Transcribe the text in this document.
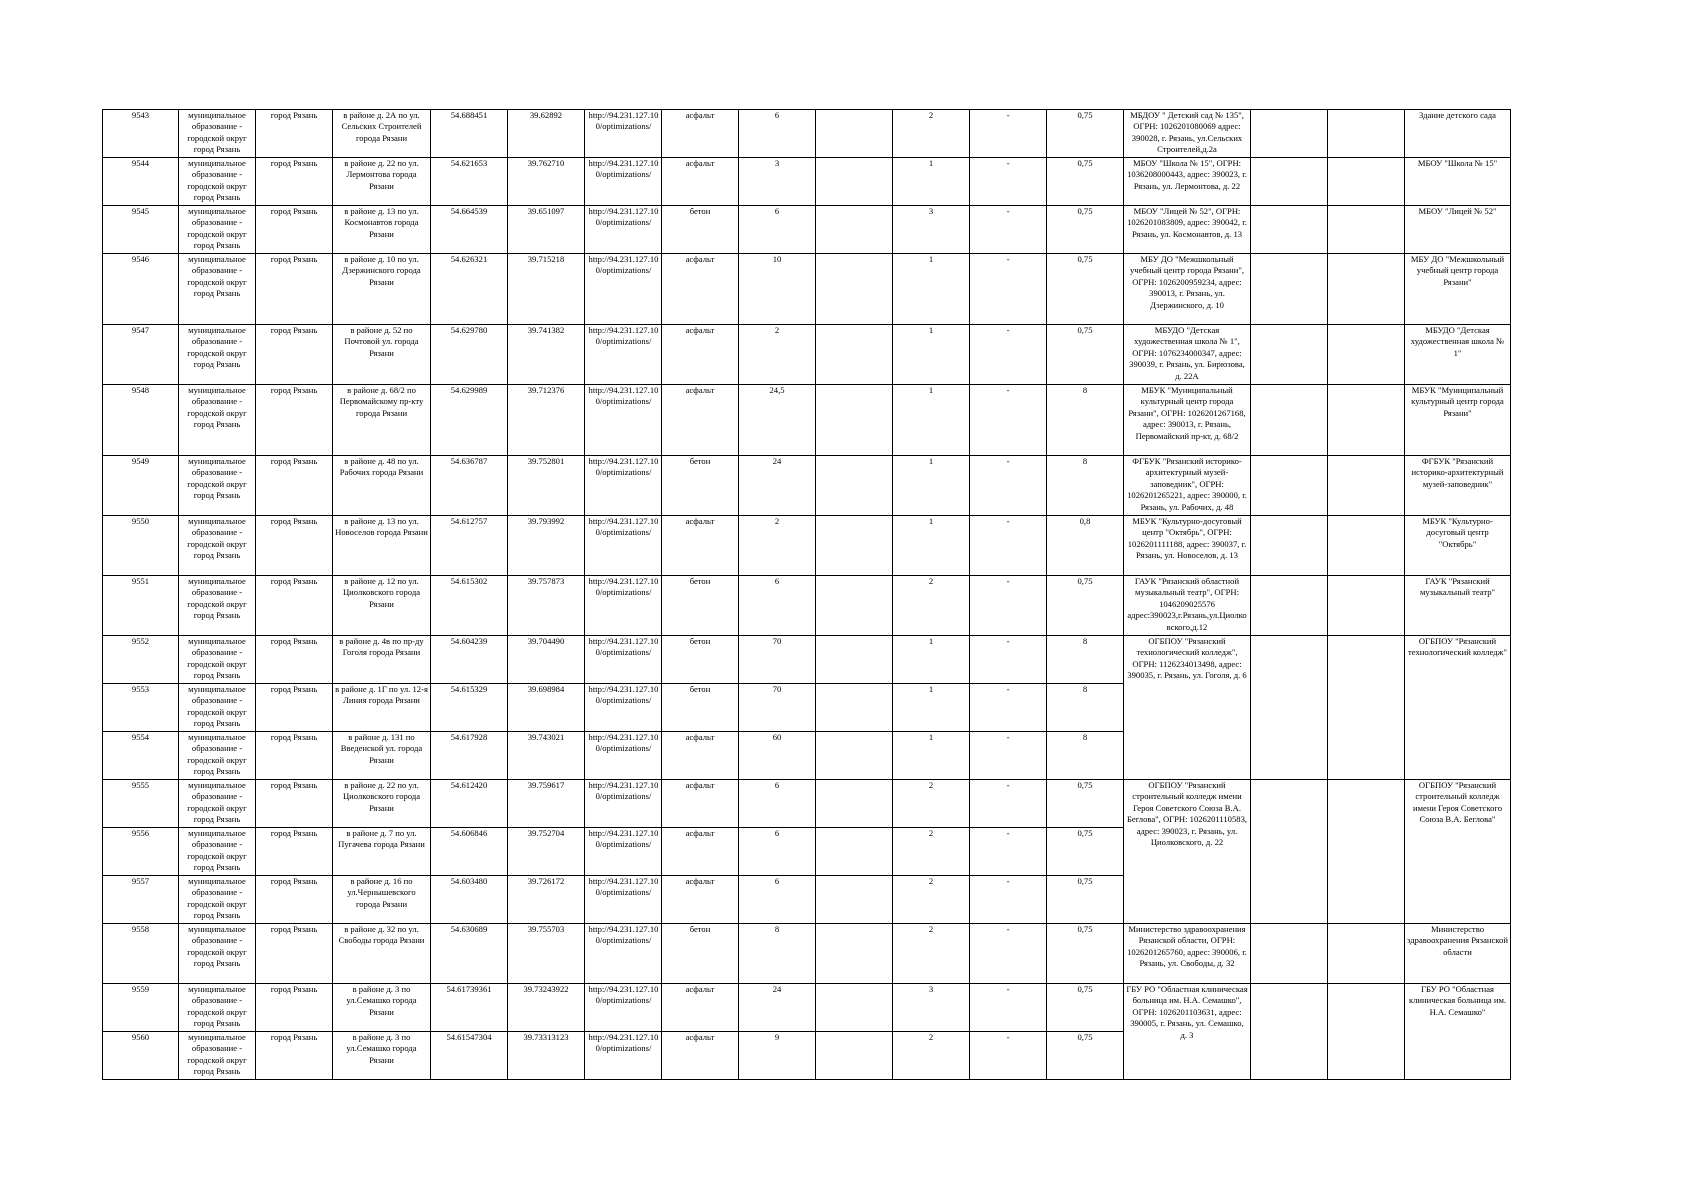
9543	муниципальное образование - городской округ город Рязань	город Рязань	в районе д. 2А по ул. Сельских Строителей города Рязани	54.688451	39.62892	http://94.231.127.10 0/optimizations/	асфальт	6		2	-	0,75	МБДОУ " Детский сад № 135", ОГРН: 1026201080069 адрес: 390028, г. Рязань, ул.Сельских Строителей,д.2а			Здание детского сада
9544	муниципальное образование - городской округ город Рязань	город Рязань	в районе д. 22 по ул. Лермонтова города Рязани	54.621653	39.762710	http://94.231.127.10 0/optimizations/	асфальт	3		1	-	0,75	МБОУ "Школа № 15", ОГРН: 1036208000443, адрес: 390023, г. Рязань, ул. Лермонтова, д. 22			МБОУ "Школа № 15"
9545	муниципальное образование - городской округ город Рязань	город Рязань	в районе д. 13 по ул. Космонавтов города Рязани	54.664539	39.651097	http://94.231.127.10 0/optimizations/	бетон	6		3	-	0,75	МБОУ "Лицей № 52", ОГРН: 1026201083809, адрес: 390042, г. Рязань, ул. Космонавтов, д. 13			МБОУ "Лицей № 52"
9546	муниципальное образование - городской округ город Рязань	город Рязань	в районе д. 10 по ул. Дзержинского города Рязани	54.626321	39.715218	http://94.231.127.10 0/optimizations/	асфальт	10		1	-	0,75	МБУ ДО "Межшкольный учебный центр города Рязани", ОГРН: 1026200959234, адрес: 390013, г. Рязань, ул. Дзержинского, д. 10			МБУ ДО "Межшкольный учебный центр города Рязани"
9547	муниципальное образование - городской округ город Рязань	город Рязань	в районе д. 52 по Почтовой ул. города Рязани	54.629780	39.741382	http://94.231.127.10 0/optimizations/	асфальт	2		1	-	0,75	МБУДО "Детская художественная школа № 1", ОГРН: 1076234000347, адрес: 390039, г. Рязань, ул. Бирюзова, д. 22А			МБУДО "Детская художественная школа № 1"
9548	муниципальное образование - городской округ город Рязань	город Рязань	в районе д. 68/2 по Первомайскому пр-кту города Рязани	54.629989	39.712376	http://94.231.127.10 0/optimizations/	асфальт	24,5		1	-	8	МБУК "Муниципальный культурный центр города Рязани", ОГРН: 1026201267168, адрес: 390013, г. Рязань, Первомайский пр-кт, д. 68/2			МБУК "Муниципальный культурный центр города Рязани"
9549	муниципальное образование - городской округ город Рязань	город Рязань	в районе д. 48 по ул. Рабочих города Рязани	54.636787	39.752801	http://94.231.127.10 0/optimizations/	бетон	24		1	-	8	ФГБУК "Рязанский историко-архитектурный музей-заповедник", ОГРН: 1026201265221, адрес: 390000, г. Рязань, ул. Рабочих, д. 48			ФГБУК "Рязанский историко-архитектурный музей-заповедник"
9550	муниципальное образование - городской округ город Рязань	город Рязань	в районе д. 13 по ул. Новоселов города Рязани	54.612757	39.793992	http://94.231.127.10 0/optimizations/	асфальт	2		1	-	0,8	МБУК "Культурно-досуговый центр "Октябрь", ОГРН: 1026201111188, адрес: 390037, г. Рязань, ул. Новоселов, д. 13			МБУК "Культурно-досуговый центр "Октябрь"
9551	муниципальное образование - городской округ город Рязань	город Рязань	в районе д. 12 по ул. Циолковского города Рязани	54.615302	39.757873	http://94.231.127.10 0/optimizations/	бетон	6		2	-	0,75	ГАУК "Рязанский областной музыкальный театр", ОГРН: 1046209025576 адрес:390023,г.Рязань,ул.Циолковского,д.12			ГАУК "Рязанский музыкальный театр"
9552	муниципальное образование - городской округ город Рязань	город Рязань	в районе д. 4в по пр-ду Гоголя города Рязани	54.604239	39.704490	http://94.231.127.10 0/optimizations/	бетон	70		1	-	8	ОГБПОУ "Рязанский технологический колледж", ОГРН: 1126234013498, адрес: 390035, г. Рязань, ул. Гоголя, д. 6			ОГБПОУ "Рязанский технологический колледж"
9553	муниципальное образование - городской округ город Рязань	город Рязань	в районе д. 1Г по ул. 12-я Линия города Рязани	54.615329	39.698984	http://94.231.127.10 0/optimizations/	бетон	70		1	-	8				
9554	муниципальное образование - городской округ город Рязань	город Рязань	в районе д. 131 по Введенской ул. города Рязани	54.617928	39.743021	http://94.231.127.10 0/optimizations/	асфальт	60		1	-	8				
9555	муниципальное образование - городской округ город Рязань	город Рязань	в районе д. 22 по ул. Циолковского города Рязани	54.612420	39.759617	http://94.231.127.10 0/optimizations/	асфальт	6		2	-	0,75	ОГБПОУ "Рязанский строительный колледж имени Героя Советского Союза В.А. Беглова", ОГРН: 1026201110583, адрес: 390023, г. Рязань, ул. Циолковского, д. 22			ОГБПОУ "Рязанский строительный колледж имени Героя Советского Союза В.А. Беглова"
9556	муниципальное образование - городской округ город Рязань	город Рязань	в районе д. 7 по ул. Пугачева города Рязани	54.606846	39.752704	http://94.231.127.10 0/optimizations/	асфальт	6		2	-	0,75				
9557	муниципальное образование - городской округ город Рязань	город Рязань	в районе д. 16 по ул.Чернышевского города Рязани	54.603480	39.726172	http://94.231.127.10 0/optimizations/	асфальт	6		2	-	0,75				
9558	муниципальное образование - городской округ город Рязань	город Рязань	в районе д. 32 по ул. Свободы города Рязани	54.630689	39.755703	http://94.231.127.10 0/optimizations/	бетон	8		2	-	0,75	Министерство здравоохранения Рязанской области, ОГРН: 1026201265760, адрес: 390006, г. Рязань, ул. Свободы, д. 32			Министерство здравоохранения Рязанской области
9559	муниципальное образование - городской округ город Рязань	город Рязань	в районе д. 3 по ул.Семашко города Рязани	54.61739361	39.73243922	http://94.231.127.10 0/optimizations/	асфальт	24		3	-	0,75	ГБУ РО "Областная клиническая больница им. Н.А. Семашко", ОГРН: 1026201103631, адрес: 390005, г. Рязань, ул. Семашко, д. 3			ГБУ РО "Областная клиническая больница им. Н.А. Семашко"
9560	муниципальное образование - городской округ город Рязань	город Рязань	в районе д. 3 по ул.Семашко города Рязани	54.61547304	39.73313123	http://94.231.127.10 0/optimizations/	асфальт	9		2	-	0,75				
